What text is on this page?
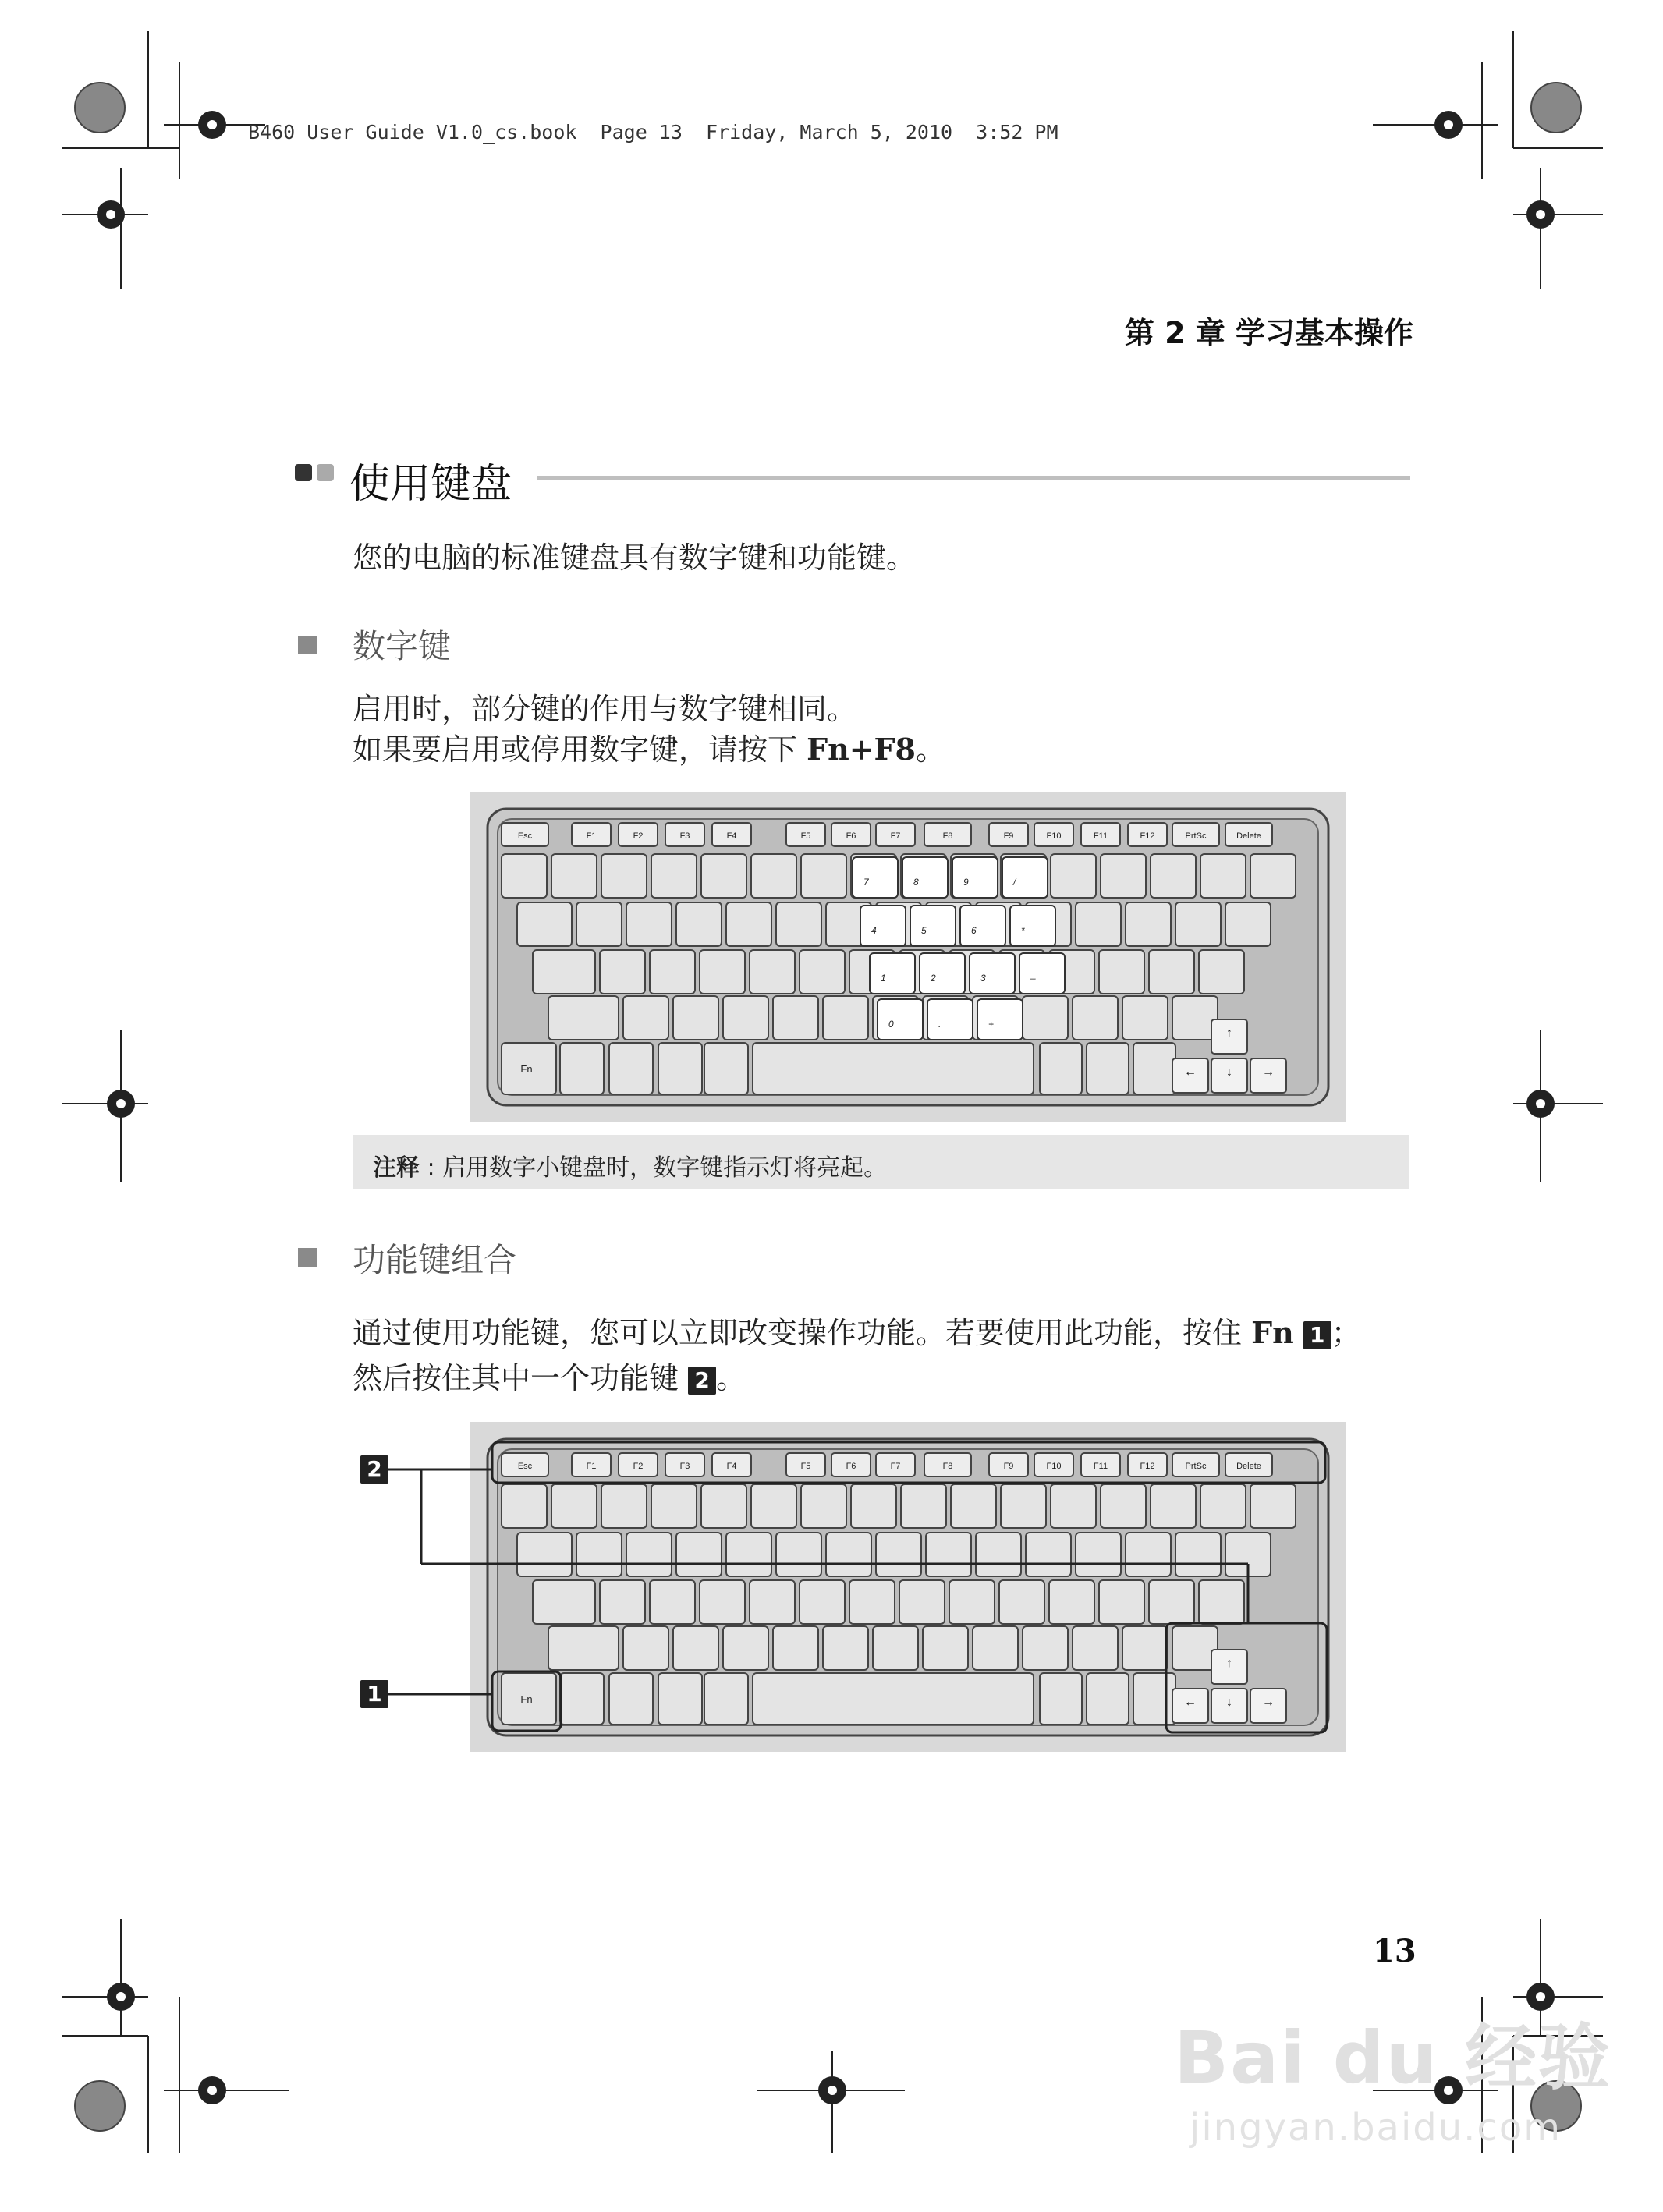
B460 User Guide V1.0_cs.book  Page 13  Friday, March 5, 2010  3:52 PM
第 2 章 学习基本操作
使用键盘
您的电脑的标准键盘具有数字键和功能键。
数字键
启用时，部分键的作用与数字键相同。
如果要启用或停用数字键，请按下 Fn+F8。
Esc	F1	F2	F3	F4	F5	F6	F7	F8	F9	F10	F11	F12	PrtSc	Delete
Fn
↑
← ↓ →
7	8	9	/
4	5	6	*
1	2	3	–
0	.	+
注释 : 启用数字小键盘时，数字键指示灯将亮起。
功能键组合
通过使用功能键，您可以立即改变操作功能。若要使用此功能，按住 Fn 1 ；
然后按住其中一个功能键 2 。
Esc	F1	F2	F3	F4	F5	F6	F7	F8	F9	F10	F11	F12	PrtSc	Delete
Fn
↑
← ↓ →
2
1
13
Bai du 经验
jingyan.baidu.com
